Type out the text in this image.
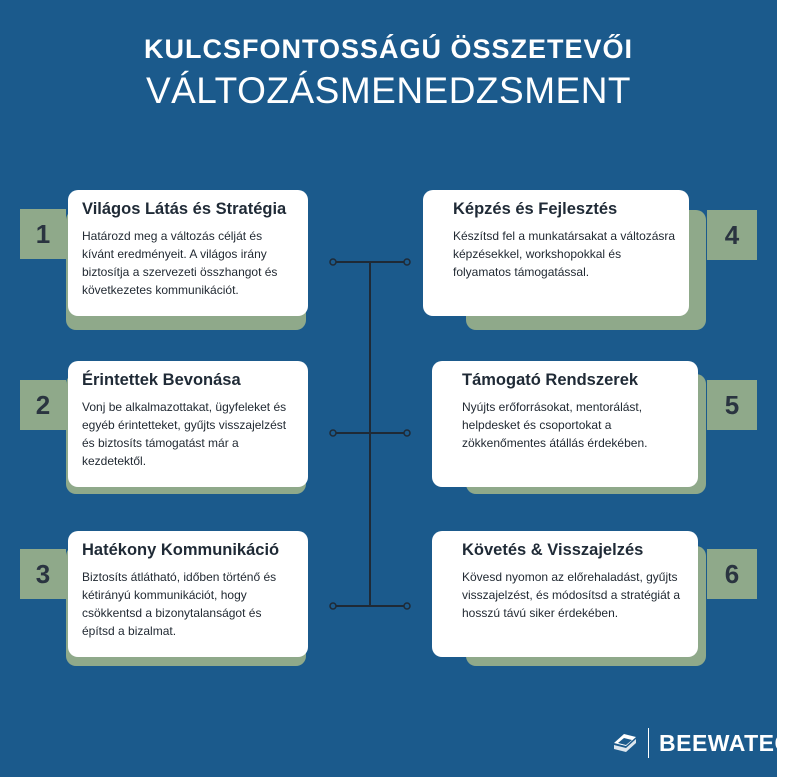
KULCSFONTOSSÁGÚ ÖSSZETEVŐI
VÁLTOZÁSMENEDZSMENT
1
Világos Látás és Stratégia

Határozd meg a változás célját és kívánt eredményeit. A világos irány biztosítja a szervezeti összhangot és következetes kommunikációt.

2
Érintettek Bevonása

Vonj be alkalmazottakat, ügyfeleket és egyéb érintetteket, gyűjts visszajelzést és biztosíts támogatást már a kezdetektől.

3
Hatékony Kommunikáció

Biztosíts átlátható, időben történő és kétirányú kommunikációt, hogy csökkentsd a bizonytalanságot és építsd a bizalmat.

4
Képzés és Fejlesztés

Készítsd fel a munkatársakat a változásra képzésekkel, workshopokkal és folyamatos támogatással.

5
Támogató Rendszerek

Nyújts erőforrásokat, mentorálást, helpdesket és csoportokat a zökkenőmentes átállás érdekében.

6
Követés & Visszajelzés

Kövesd nyomon az előrehaladást, gyűjts visszajelzést, és módosítsd a stratégiát a hosszú távú siker érdekében.

BEEWATEC
